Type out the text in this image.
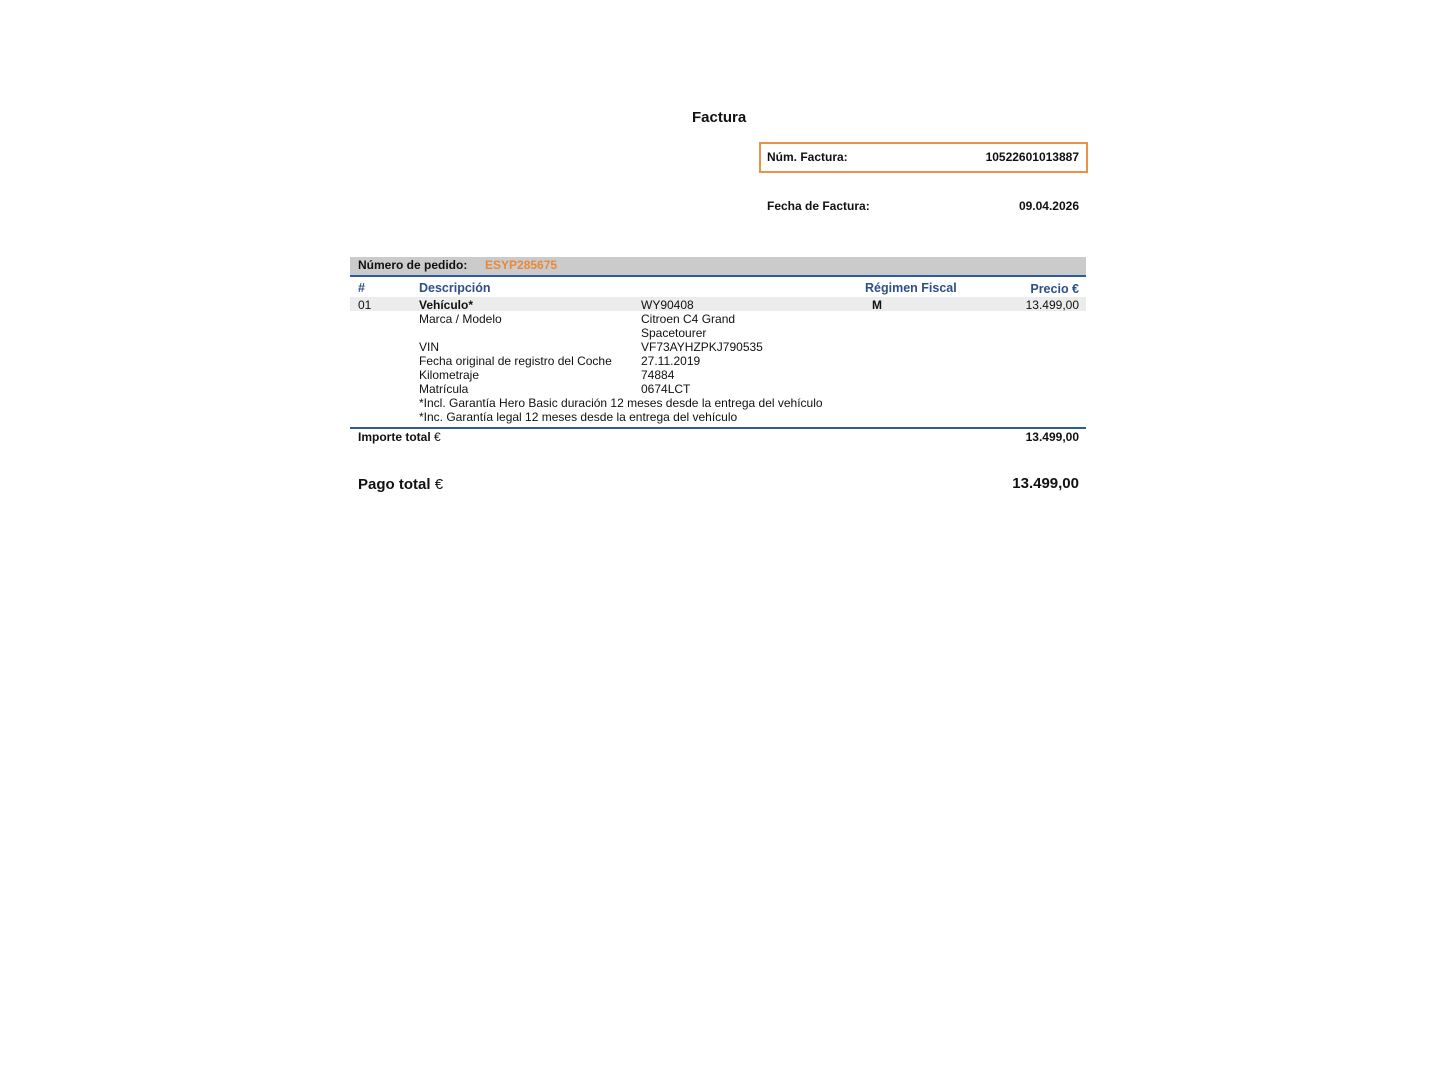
Factura
Núm. Factura:	10522601013887
Fecha de Factura:	09.04.2026
Número de pedido: ESYP285675
#	Descripción	Régimen Fiscal	Precio €
01	Vehículo*	WY90408	M	13.499,00
Marca / Modelo	Citroen C4 Grand
Spacetourer
VIN	VF73AYHZPKJ790535
Fecha original de registro del Coche 27.11.2019
Kilometraje	74884
Matrícula	0674LCT
*Incl. Garantía Hero Basic duración 12 meses desde la entrega del vehículo
*Inc. Garantía legal 12 meses desde la entrega del vehículo
Importe total €	13.499,00
Pago total €	13.499,00
